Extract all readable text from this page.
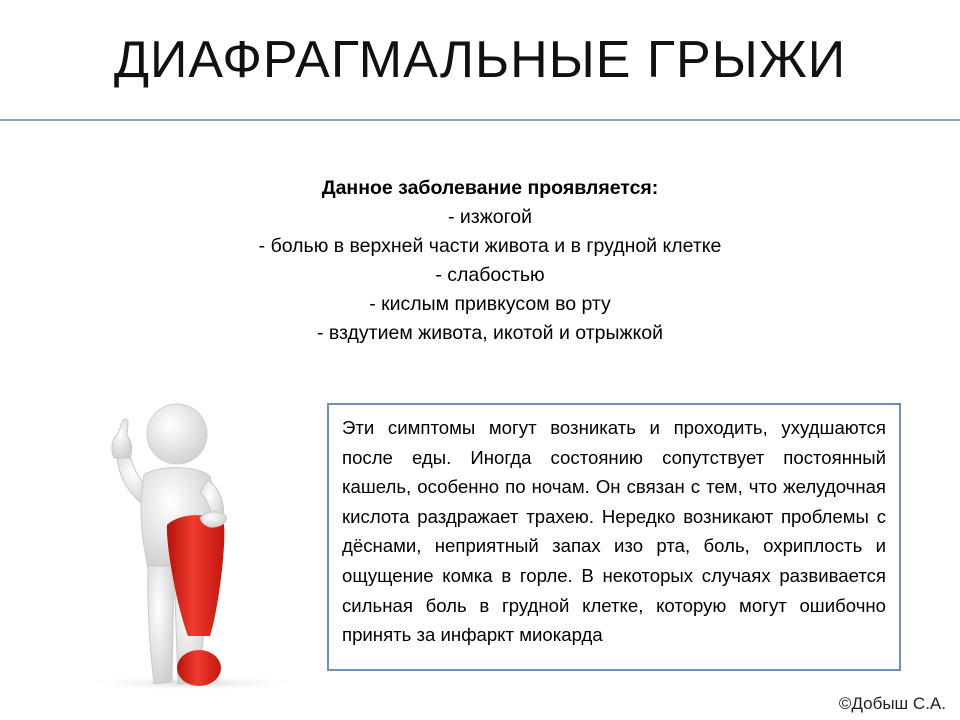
ДИАФРАГМАЛЬНЫЕ ГРЫЖИ
Данное заболевание проявляется:
- изжогой
- болью в верхней части живота и в грудной клетке
- слабостью
- кислым привкусом во рту
- вздутием живота, икотой и отрыжкой
Эти симптомы могут возникать и проходить, ухудшаются после еды. Иногда состоянию сопутствует постоянный кашель, особенно по ночам. Он связан с тем, что желудочная кислота раздражает трахею. Нередко возникают проблемы с дёснами, неприятный запах изо рта, боль, охриплость и ощущение комка в горле. В некоторых случаях развивается сильная боль в грудной клетке, которую могут ошибочно принять за инфаркт миокарда
©Добыш С.А.
